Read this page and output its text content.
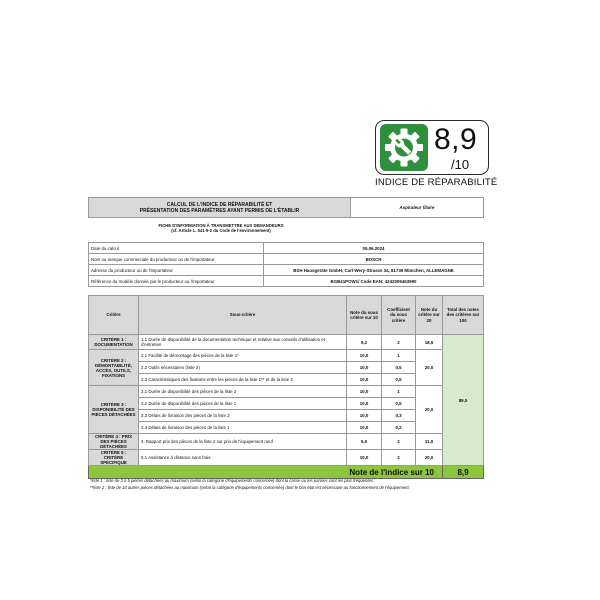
8,9
/10
INDICE DE RÉPARABILITÉ
CALCUL DE L'INDICE DE RÉPARABILITÉ ET
PRÉSENTATION DES PARAMÈTRES AYANT PERMIS DE L'ÉTABLIR	Aspirateur filaire
FICHE D'INFORMATION À TRANSMETTRE AUX DEMANDEURS
(cf. Article L. 541-9-2 du Code de l'environnement)

Date du calcul	05.06.2024
Nom ou marque commerciale du producteur ou de l'importateur	BOSCH
Adresse du producteur ou de l'importateur	BSH Hausgeräte GmbH, Carl-Wery-Strasse 34, 81739 München, ALLEMAGNE
Référence du modèle donnée par le producteur ou l'importateur	BGB41POW1/ Code EAN: 4242005463990
Critère	Sous-critère	Note du sous critère sur 10	Coefficient du sous critère	Note du critère sur 20	Total des notes des critères sur 100
CRITÈRE 1 : DOCUMENTATION	1.1 Durée de disponibilité de la documentation technique et relative aux conseils d'utilisation et d'entretien	9,2	2	18,5	89,5
CRITÈRE 2 : DÉMONTABILITÉ, ACCÈS, OUTILS, FIXATIONS	2.1 Facilité de démontage des pièces de la liste 1*	10,0	1	20,0	
	2.2 Outils nécessaires (liste 2)	10,0	0,5		
	2.3 Caractéristiques des fixations entre les pièces de la liste 1** et de la liste 2	10,0	0,5		
CRITÈRE 3 : DISPONIBILITÉ DES PIÈCES DÉTACHÉES	3.1 Durée de disponibilité des pièces de la liste 2	10,0	1	20,0	
	3.2 Durée de disponibilité des pièces de la liste 1	10,0	0,5		
	3.3 Délais de livraison des pièces de la liste 2	10,0	0,3		
	3.4 Délais de livraison des pièces de la liste 1	10,0	0,2		
CRITÈRE 4 : PRIX DES PIÈCES DÉTACHÉES	4. Rapport prix des pièces de la liste 2 sur prix de l'équipement neuf	5,5	2	11,0	
CRITÈRE 5 : CRITÈRE SPÉCIFIQUE	5.1 Assistance à distance sans frais	10,0	2	20,0	
Note de l'indice sur 10					8,9
*liste 1 : liste de 3 à 5 pièces détachées au maximum (selon la catégorie d'équipements concernée) dont la casse ou les pannes sont les plus fréquentes ;
**liste 2 : liste de 10 autres pièces détachées au maximum (selon la catégorie d'équipements concernée) dont le bon état est nécessaire au fonctionnement de l'équipement.
